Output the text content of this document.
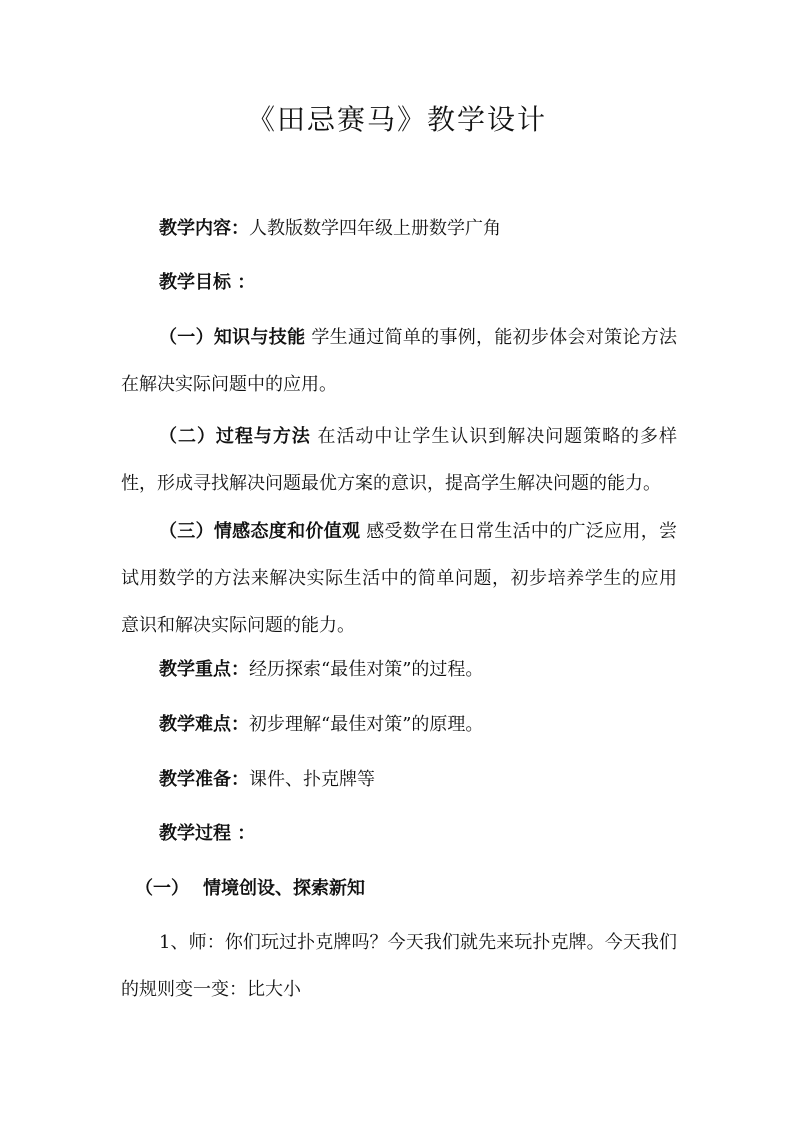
《田忌赛马》教学设计
教学内容：人教版数学四年级上册数学广角
教学目标 ：
（一）知识与技能 学生通过简单的事例，能初步体会对策论方法在解决实际问题中的应用。
（二）过程与方法 在活动中让学生认识到解决问题策略的多样性，形成寻找解决问题最优方案的意识，提高学生解决问题的能力。
（三）情感态度和价值观 感受数学在日常生活中的广泛应用，尝试用数学的方法来解决实际生活中的简单问题，初步培养学生的应用意识和解决实际问题的能力。
教学重点：经历探索“最佳对策”的过程。
教学难点：初步理解“最佳对策”的原理。
教学准备：课件、扑克牌等
教学过程 ：
（一） 情境创设、探索新知
1、师：你们玩过扑克牌吗？今天我们就先来玩扑克牌。今天我们的规则变一变：比大小
